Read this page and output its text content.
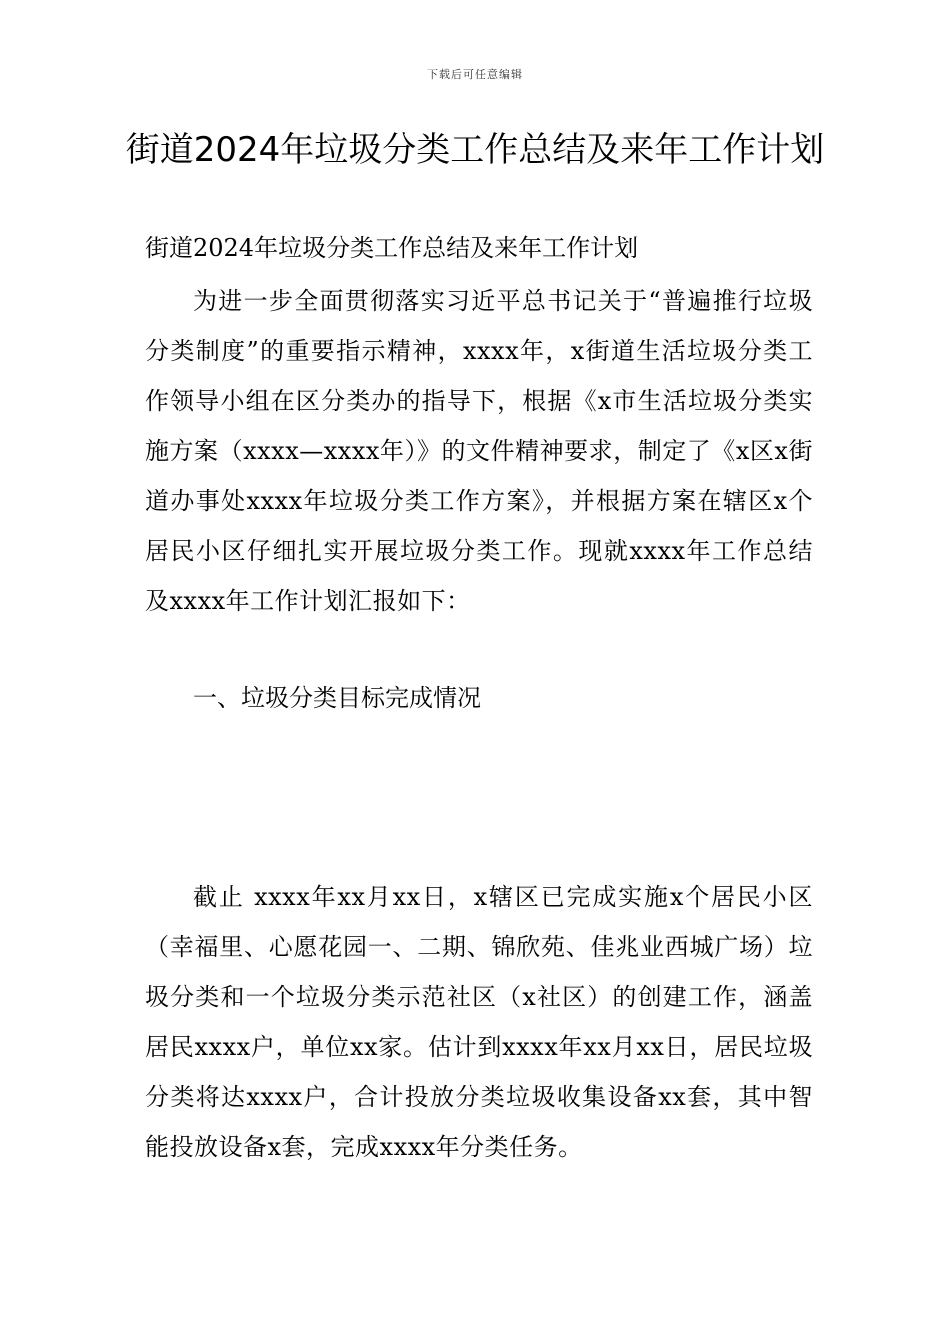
下载后可任意编辑
街道2024年垃圾分类工作总结及来年工作计划

街道2024年垃圾分类工作总结及来年工作计划

为进一步全面贯彻落实习近平总书记关于“普遍推行垃圾分类制度”的重要指示精神，xxxx年，x街道生活垃圾分类工作领导小组在区分类办的指导下，根据《x市生活垃圾分类实施方案（xxxx—xxxx年）》的文件精神要求，制定了《x区x街道办事处xxxx年垃圾分类工作方案》，并根据方案在辖区x个居民小区仔细扎实开展垃圾分类工作。现就xxxx年工作总结及xxxx年工作计划汇报如下：

一、垃圾分类目标完成情况

截止 xxxx年xx月xx日，x辖区已完成实施x个居民小区（幸福里、心愿花园一、二期、锦欣苑、佳兆业西城广场）垃圾分类和一个垃圾分类示范社区（x社区）的创建工作，涵盖居民xxxx户，单位xx家。估计到xxxx年xx月xx日，居民垃圾分类将达xxxx户，合计投放分类垃圾收集设备xx套，其中智能投放设备x套，完成xxxx年分类任务。
